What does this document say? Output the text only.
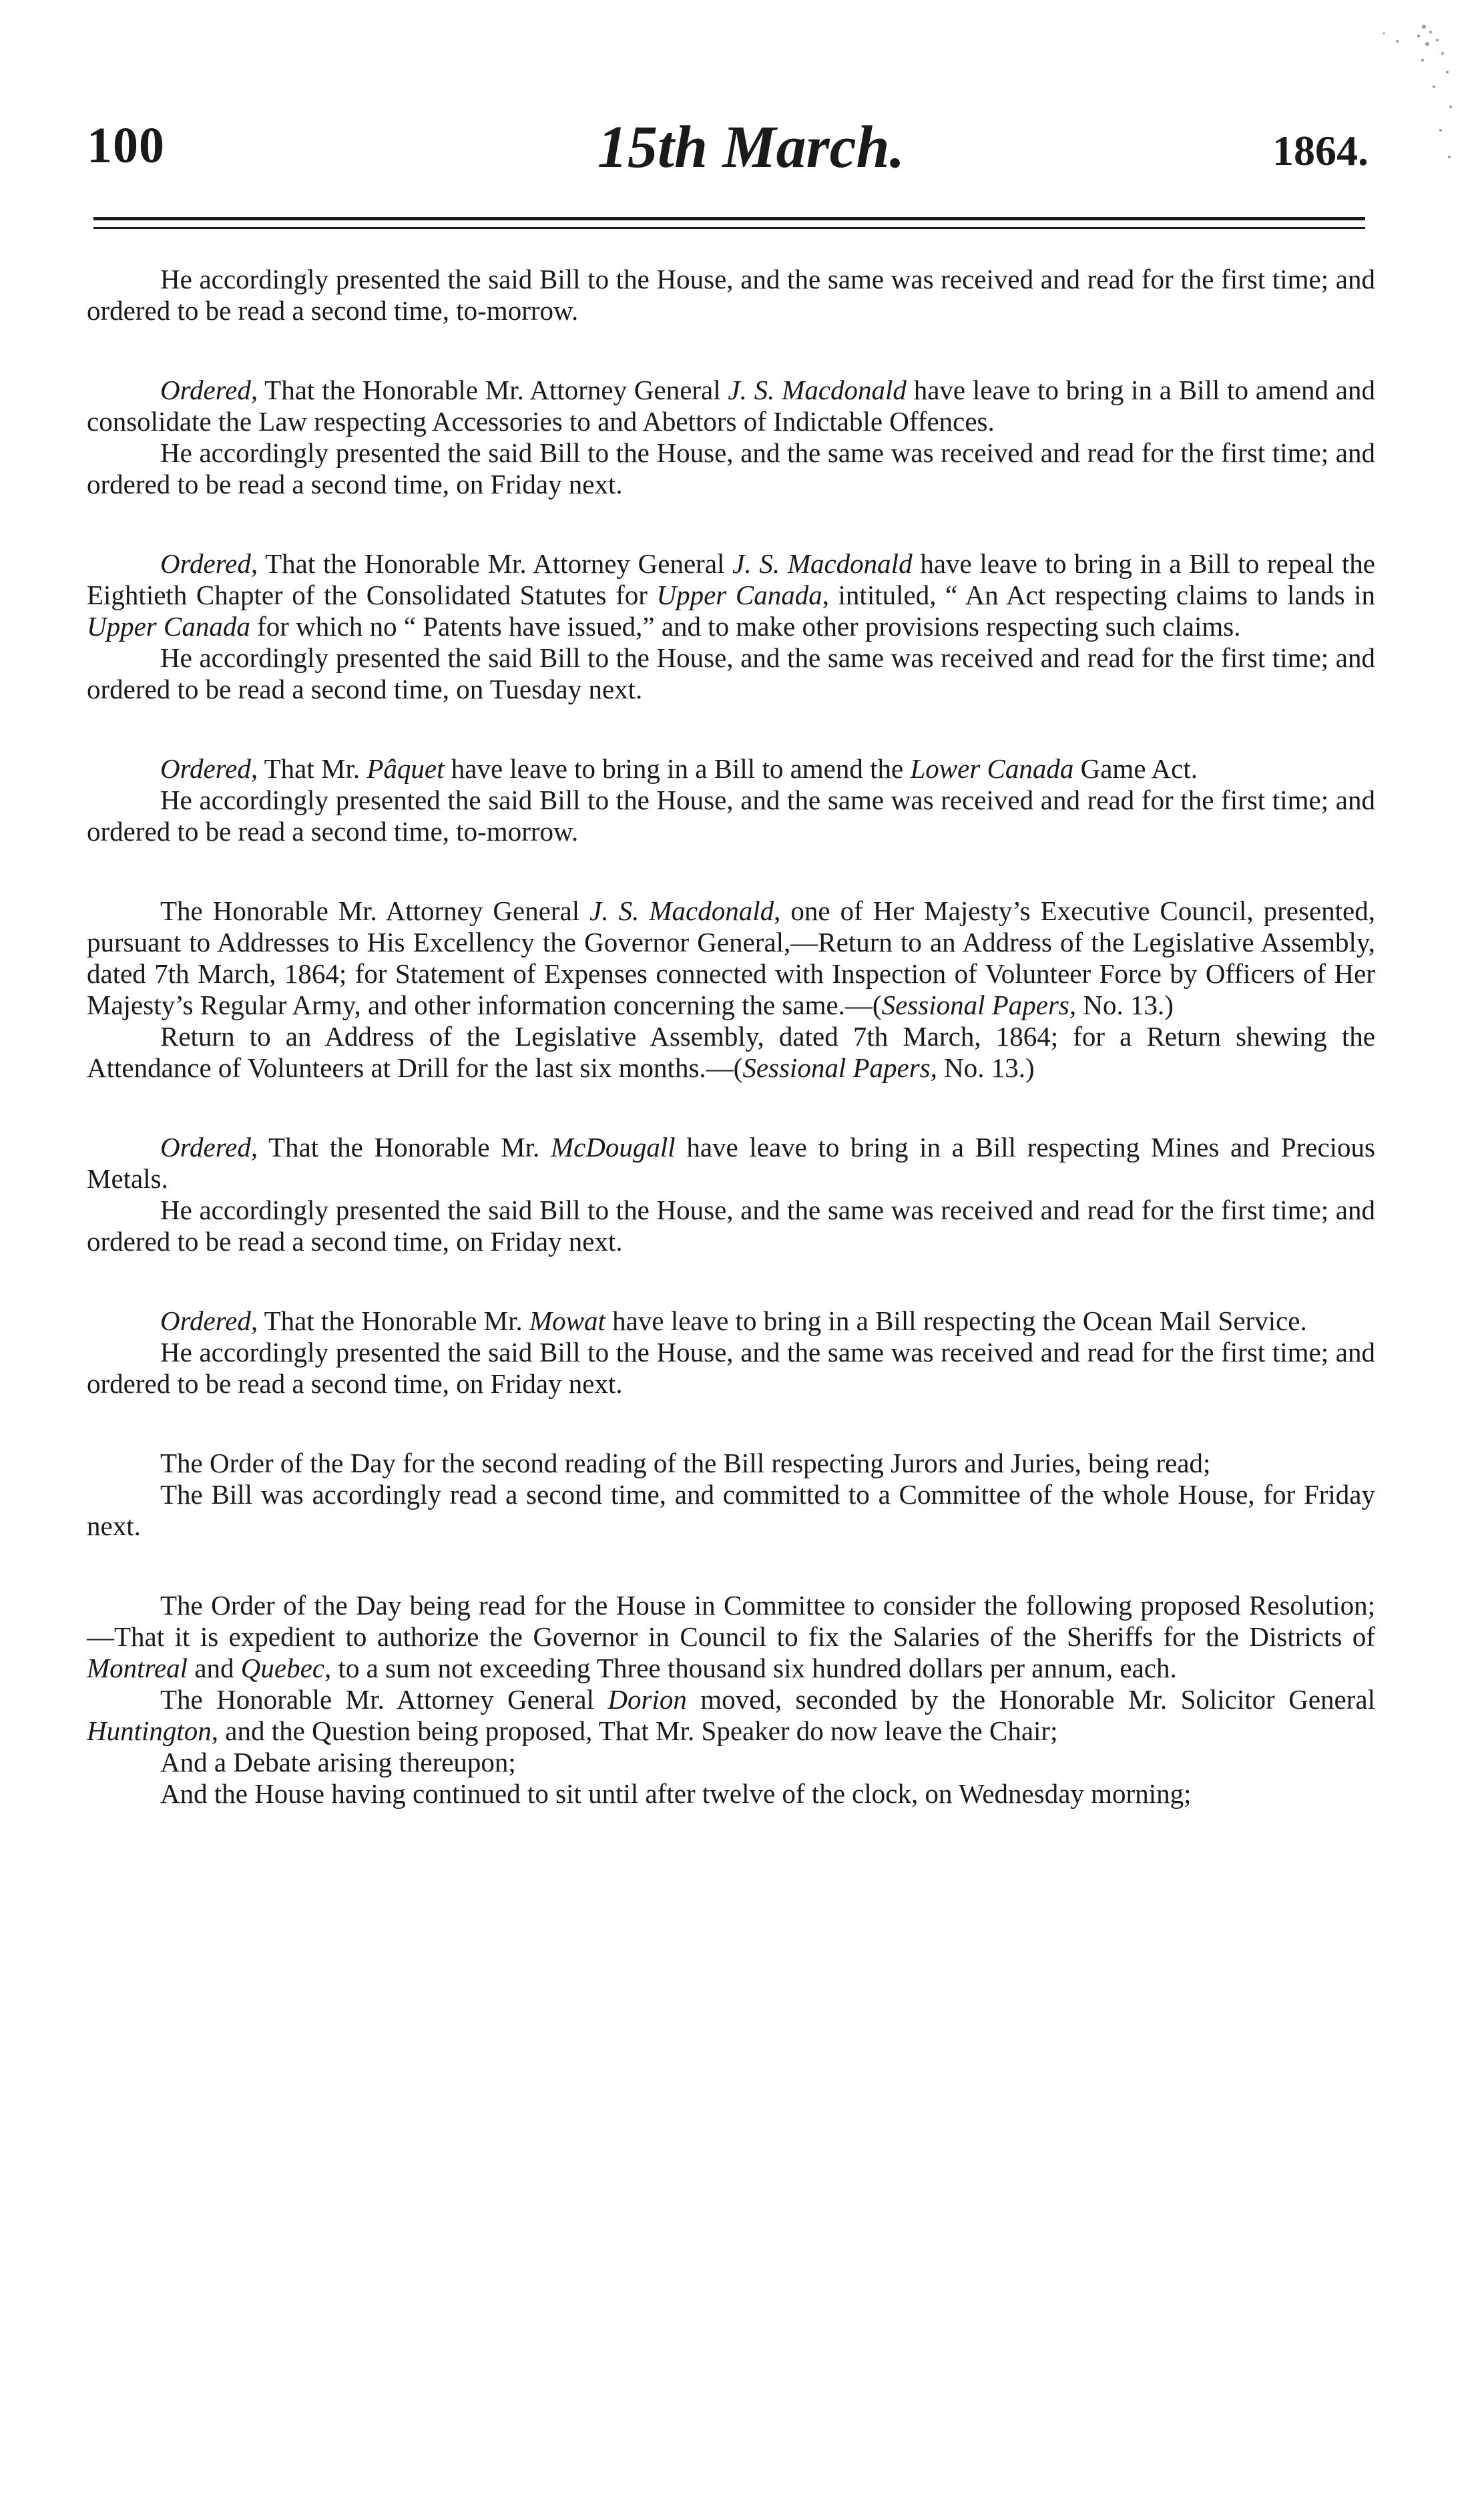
100	15th March.	1864.

He accordingly presented the said Bill to the House, and the same was received and read for the first time; and ordered to be read a second time, to-morrow.

Ordered, That the Honorable Mr. Attorney General J. S. Macdonald have leave to bring in a Bill to amend and consolidate the Law respecting Accessories to and Abettors of Indictable Offences.

He accordingly presented the said Bill to the House, and the same was received and read for the first time; and ordered to be read a second time, on Friday next.

Ordered, That the Honorable Mr. Attorney General J. S. Macdonald have leave to bring in a Bill to repeal the Eightieth Chapter of the Consolidated Statutes for Upper Canada, intituled, “ An Act respecting claims to lands in Upper Canada for which no “ Patents have issued,” and to make other provisions respecting such claims.

He accordingly presented the said Bill to the House, and the same was received and read for the first time; and ordered to be read a second time, on Tuesday next.

Ordered, That Mr. Pâquet have leave to bring in a Bill to amend the Lower Canada Game Act.

He accordingly presented the said Bill to the House, and the same was received and read for the first time; and ordered to be read a second time, to-morrow.

The Honorable Mr. Attorney General J. S. Macdonald, one of Her Majesty’s Executive Council, presented, pursuant to Addresses to His Excellency the Governor General,—Return to an Address of the Legislative Assembly, dated 7th March, 1864; for Statement of Expenses connected with Inspection of Volunteer Force by Officers of Her Majesty’s Regular Army, and other information concerning the same.—(Sessional Papers, No. 13.)

Return to an Address of the Legislative Assembly, dated 7th March, 1864; for a Return shewing the Attendance of Volunteers at Drill for the last six months.—(Sessional Papers, No. 13.)

Ordered, That the Honorable Mr. McDougall have leave to bring in a Bill respecting Mines and Precious Metals.

He accordingly presented the said Bill to the House, and the same was received and read for the first time; and ordered to be read a second time, on Friday next.

Ordered, That the Honorable Mr. Mowat have leave to bring in a Bill respecting the Ocean Mail Service.

He accordingly presented the said Bill to the House, and the same was received and read for the first time; and ordered to be read a second time, on Friday next.

The Order of the Day for the second reading of the Bill respecting Jurors and Juries, being read;

The Bill was accordingly read a second time, and committed to a Committee of the whole House, for Friday next.

The Order of the Day being read for the House in Committee to consider the following proposed Resolution;—That it is expedient to authorize the Governor in Council to fix the Salaries of the Sheriffs for the Districts of Montreal and Quebec, to a sum not exceeding Three thousand six hundred dollars per annum, each.

The Honorable Mr. Attorney General Dorion moved, seconded by the Honorable Mr. Solicitor General Huntington, and the Question being proposed, That Mr. Speaker do now leave the Chair;

And a Debate arising thereupon;

And the House having continued to sit until after twelve of the clock, on Wednesday morning;
